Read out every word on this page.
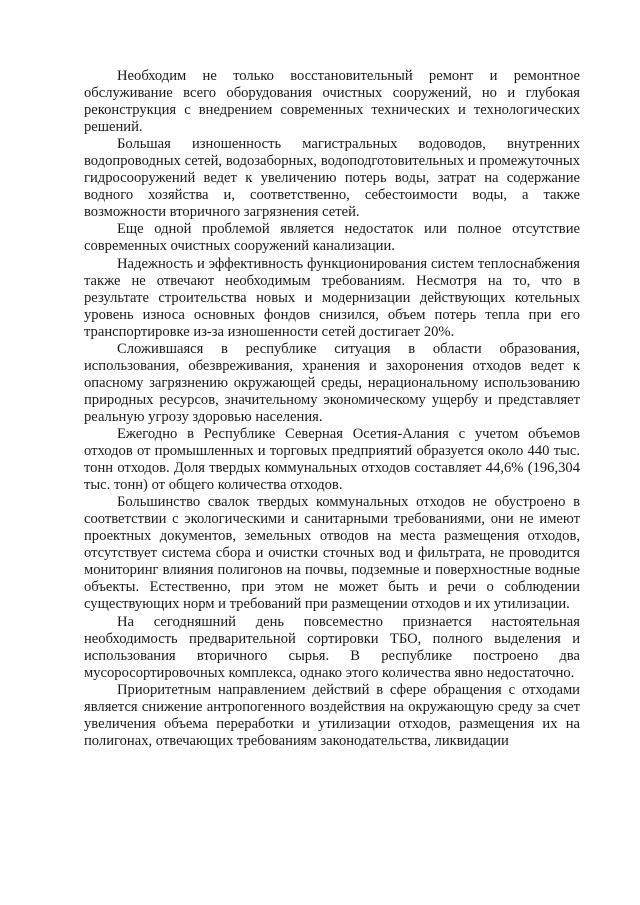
Необходим не только восстановительный ремонт и ремонтное обслуживание всего оборудования очистных сооружений, но и глубокая реконструкция с внедрением современных технических и технологических решений.

Большая изношенность магистральных водоводов, внутренних водопроводных сетей, водозаборных, водоподготовительных и промежуточных гидросооружений ведет к увеличению потерь воды, затрат на содержание водного хозяйства и, соответственно, себестоимости воды, а также возможности вторичного загрязнения сетей.

Еще одной проблемой является недостаток или полное отсутствие современных очистных сооружений канализации.

Надежность и эффективность функционирования систем теплоснабжения также не отвечают необходимым требованиям. Несмотря на то, что в результате строительства новых и модернизации действующих котельных уровень износа основных фондов снизился, объем потерь тепла при его транспортировке из-за изношенности сетей достигает 20%.

Сложившаяся в республике ситуация в области образования, использования, обезвреживания, хранения и захоронения отходов ведет к опасному загрязнению окружающей среды, нерациональному использованию природных ресурсов, значительному экономическому ущербу и представляет реальную угрозу здоровью населения.

Ежегодно в Республике Северная Осетия-Алания с учетом объемов отходов от промышленных и торговых предприятий образуется около 440 тыс. тонн отходов. Доля твердых коммунальных отходов составляет 44,6% (196,304 тыс. тонн) от общего количества отходов.

Большинство свалок твердых коммунальных отходов не обустроено в соответствии с экологическими и санитарными требованиями, они не имеют проектных документов, земельных отводов на места размещения отходов, отсутствует система сбора и очистки сточных вод и фильтрата, не проводится мониторинг влияния полигонов на почвы, подземные и поверхностные водные объекты. Естественно, при этом не может быть и речи о соблюдении существующих норм и требований при размещении отходов и их утилизации.

На сегодняшний день повсеместно признается настоятельная необходимость предварительной сортировки ТБО, полного выделения и использования вторичного сырья. В республике построено два мусоросортировочных комплекса, однако этого количества явно недостаточно.

Приоритетным направлением действий в сфере обращения с отходами является снижение антропогенного воздействия на окружающую среду за счет увеличения объема переработки и утилизации отходов, размещения их на полигонах, отвечающих требованиям законодательства, ликвидации
